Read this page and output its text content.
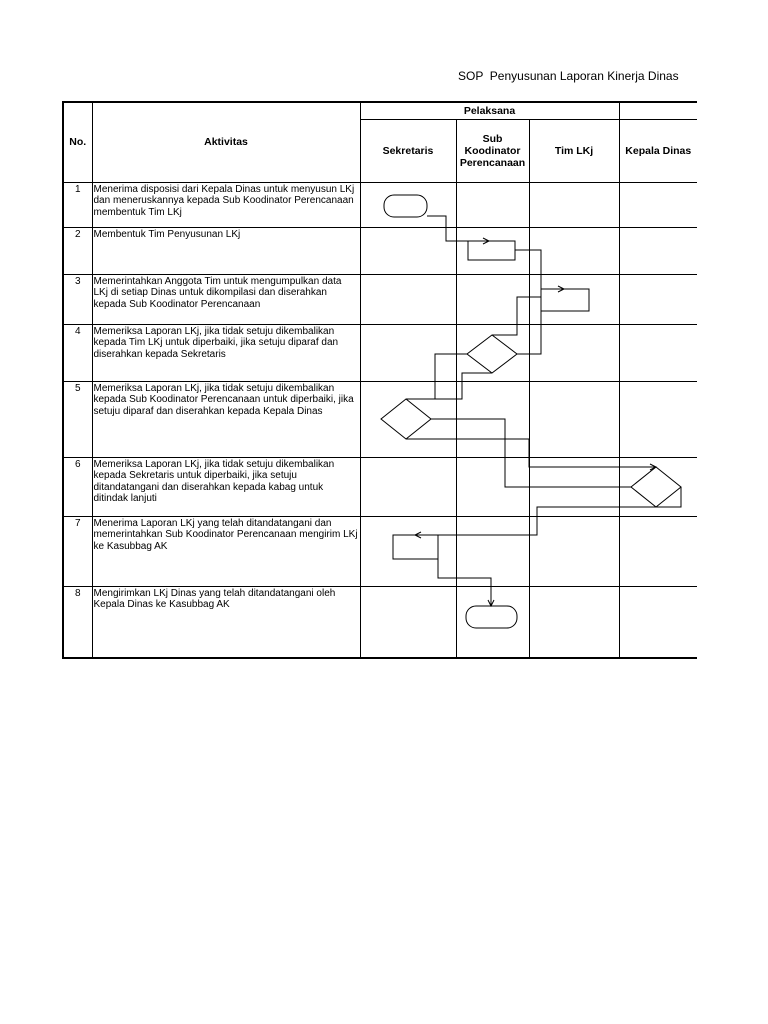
SOP  Penyusunan Laporan Kinerja Dinas
No.	Aktivitas	Pelaksana			
		Sekretaris	Sub Koodinator Perencanaan	Tim LKj	Kepala Dinas
1	Menerima disposisi dari Kepala Dinas untuk menyusun LKj dan meneruskannya kepada Sub Koodinator Perencanaan membentuk Tim LKj				
2	Membentuk Tim Penyusunan LKj				
3	Memerintahkan Anggota Tim untuk mengumpulkan data LKj di setiap Dinas untuk dikompilasi dan diserahkan kepada Sub Koodinator Perencanaan				
4	Memeriksa Laporan LKj, jika tidak setuju dikembalikan kepada Tim LKj untuk diperbaiki, jika setuju diparaf dan diserahkan kepada Sekretaris				
5	Memeriksa Laporan LKj, jika tidak setuju dikembalikan kepada Sub Koodinator Perencanaan untuk diperbaiki, jika setuju diparaf dan diserahkan kepada Kepala Dinas				
6	Memeriksa Laporan LKj, jika tidak setuju dikembalikan kepada Sekretaris untuk diperbaiki, jika setuju ditandatangani dan diserahkan kepada kabag untuk ditindak lanjuti				
7	Menerima Laporan LKj yang telah ditandatangani dan memerintahkan Sub Koodinator Perencanaan mengirim LKj ke Kasubbag AK				
8	Mengirimkan LKj Dinas yang telah ditandatangani oleh Kepala Dinas ke Kasubbag AK				
